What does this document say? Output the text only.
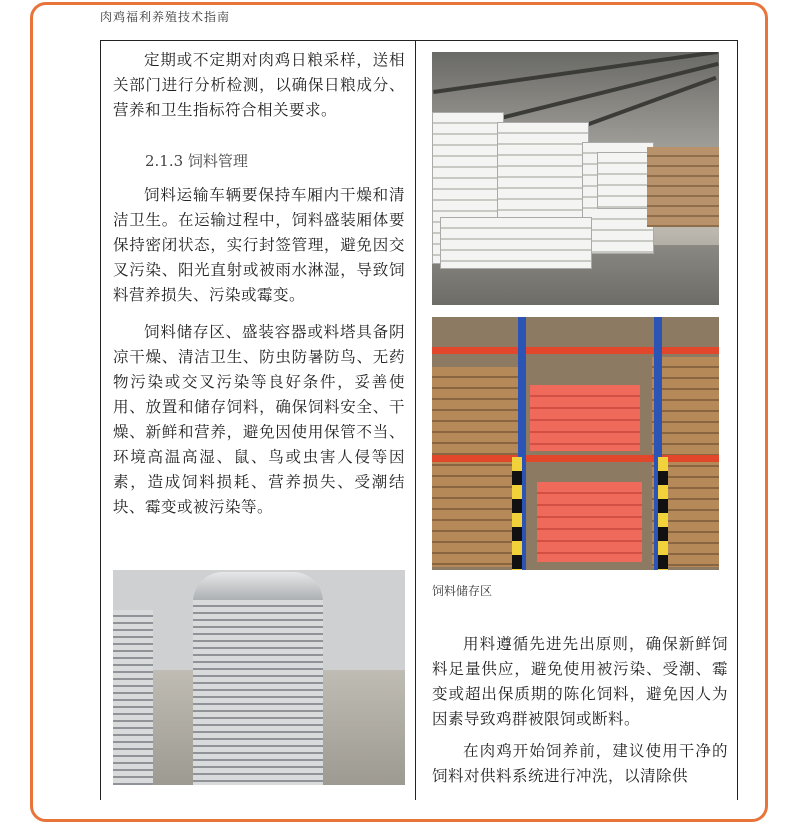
肉鸡福利养殖技术指南

定期或不定期对肉鸡日粮采样，送相关部门进行分析检测，以确保日粮成分、营养和卫生指标符合相关要求。

2.1.3 饲料管理

饲料运输车辆要保持车厢内干燥和清洁卫生。在运输过程中，饲料盛装厢体要保持密闭状态，实行封签管理，避免因交叉污染、阳光直射或被雨水淋湿，导致饲料营养损失、污染或霉变。

饲料储存区、盛装容器或料塔具备阴凉干燥、清洁卫生、防虫防暑防鸟、无药物污染或交叉污染等良好条件，妥善使用、放置和储存饲料，确保饲料安全、干燥、新鲜和营养，避免因使用保管不当、环境高温高湿、鼠、鸟或虫害人侵等因素，造成饲料损耗、营养损失、受潮结块、霉变或被污染等。

饲料储存区

用料遵循先进先出原则，确保新鲜饲料足量供应，避免使用被污染、受潮、霉变或超出保质期的陈化饲料，避免因人为因素导致鸡群被限饲或断料。

在肉鸡开始饲养前，建议使用干净的饲料对供料系统进行冲洗，以清除供
